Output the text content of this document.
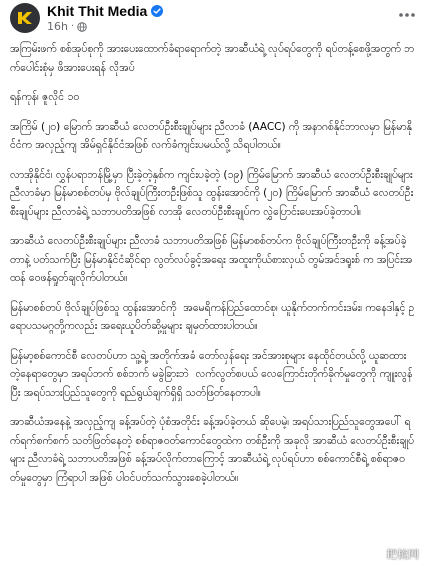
Khit Thit Media
16h ·

အကြမ်းဖက် စစ်အုပ်စုကို အားပေးထောက်ခံရာရောက်တဲ့ အာဆီယံရဲ့ လုပ်ရပ်တွေကို ရပ်တန့်စေဖို့အတွက် ဘက်ပေါင်းစုံမှ ဖိအားပေးရန် လိုအပ်

ရန်ကုန်၊ ဇူလိုင် ၁၀

အကြိမ် (၂၀) မြောက် အာဆီယံ လေတပ်ဦးစီးချုပ်များ ညီလာခံ (AACC) ကို အနာဂစ်နိုင်ဘာလမှာ မြန်မာနိုင်ငံက အလှည့်ကျ အိမ်ရှင်နိုင်ငံအဖြစ် လက်ခံကျင်းပမယ်လို့ သိရပါတယ်။

လာအိုနိုင်ငံ၊ လွှန်ပရာဘန်မြို့မှာ ပြီးခဲ့တဲ့နှစ်က ကျင်းပခဲ့တဲ့ (၁၉) ကြိမ်မြောက် အာဆီယံ လေတပ်ဦးစီးချုပ်များ ညီလာခံမှာ မြန်မာစစ်တပ်မှ ဗိုလ်ချုပ်ကြီးတဦးဖြစ်သူ ထွန်းအောင်ကို (၂၀) ကြိမ်မြောက် အာဆီယံ လေတပ်ဦးစီးချုပ်များ ညီလာခံရဲ့ သဘာပတိအဖြစ် လာအို လေတပ်ဦးစီးချုပ်က လွှဲပြောင်းပေးအပ်ခဲ့တာပါ။

အာဆီယံ လေတပ်ဦးစီးချုပ်များ ညီလာခံ သဘာပတိအဖြစ် မြန်မာစစ်တပ်က ဗိုလ်ချုပ်ကြီးတဦးကို ခန့်အပ်ခဲ့တာနဲ့ ပတ်သက်ပြီး မြန်မာနိုင်ငံဆိုင်ရာ လွတ်လပ်ခွင့်အရေး အထူးကိုယ်စားလှယ် တွမ်အင်ဒရူးစ် က အပြင်းအထန် ဝေဖန်ရှုတ်ချလိုက်ပါတယ်။

မြန်မာစစ်တပ် ဗိုလ်ချုပ်ဖြစ်သူ ထွန်းအောင်ကို  အမေရိကန်ပြည်ထောင်စု၊ ယူနိုက်တက်ကင်းဒမ်း၊ ကနေဒါနှင့် ဥရောပသမဂ္ဂတို့ကလည်း အရေးယူပိတ်ဆို့မှုများ ချမှတ်ထားပါတယ်။

မြန်မာ့စစ်ကောင်စီ လေတပ်ဟာ သူ့ရဲ့ အတိုက်အခံ တော်လှန်ရေး အင်အားစုများ နေထိုင်တယ်လို့ ယူဆထားတဲ့နေရာတွေမှာ အရပ်ဘက် စစ်ဘက် မခွဲခြားဘဲ  လက်လွတ်စပယ် လေကြောင်းတိုက်ခိုက်မှုတွေကို ကျူးလွန်ပြီး အရပ်သားပြည်သူတွေကို ရည်ရွယ်ချက်ရှိရှိ သတ်ဖြတ်နေတာပါ။

အာဆီယံအနေနဲ့ အလှည့်ကျ ခန့်အပ်တဲ့ ပုံစံအတိုင်း ခန့်အပ်ခဲ့တယ် ဆိုပေမဲ့၊ အရပ်သားပြည်သူတွေအပေါ် ရက်ရက်စက်စက် သတ်ဖြတ်နေတဲ့ စစ်ရာဇဝတ်ကောင်တွေထဲက တစ်ဦးကို အခုလို အာဆီယံ လေတပ်ဦးစီးချုပ်များ ညီလာခံရဲ့ သဘာပတိအဖြစ် ခန့်အပ်လိုက်တာကြောင့် အာဆီယံရဲ့ လုပ်ရပ်ဟာ စစ်ကောင်စီရဲ့ စစ်ရာဇဝတ်မှုတွေမှာ ကြံရာပါ အဖြစ် ပါဝင်ပတ်သက်သွားစေခဲ့ပါတယ်။

耙梳网
